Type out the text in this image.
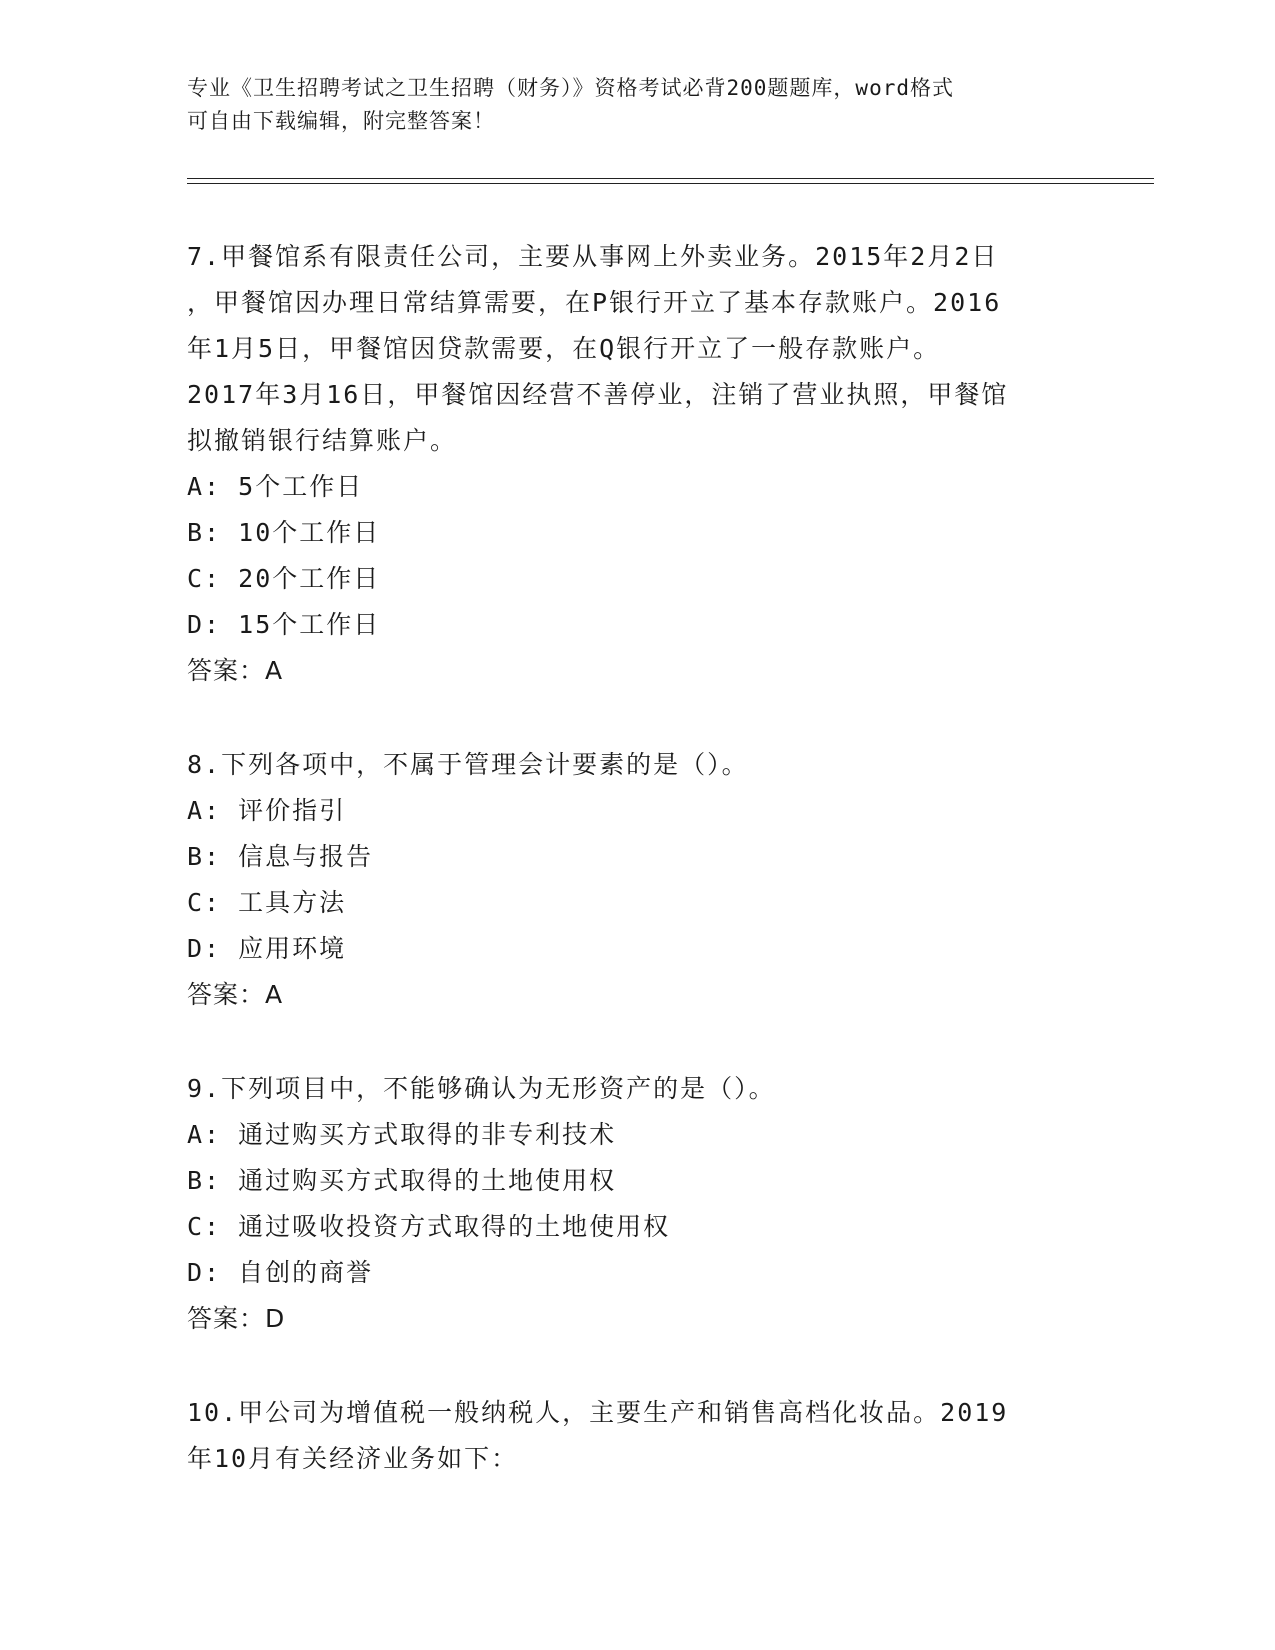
专业《卫生招聘考试之卫生招聘（财务）》资格考试必背200题题库，word格式
可自由下载编辑，附完整答案！
7.甲餐馆系有限责任公司，主要从事网上外卖业务。2015年2月2日
，甲餐馆因办理日常结算需要，在P银行开立了基本存款账户。2016
年1月5日，甲餐馆因贷款需要，在Q银行开立了一般存款账户。
2017年3月16日，甲餐馆因经营不善停业，注销了营业执照，甲餐馆
拟撤销银行结算账户。
A: 5个工作日
B: 10个工作日
C: 20个工作日
D: 15个工作日
答案：A
8.下列各项中，不属于管理会计要素的是（）。
A: 评价指引
B: 信息与报告
C: 工具方法
D: 应用环境
答案：A
9.下列项目中，不能够确认为无形资产的是（）。
A: 通过购买方式取得的非专利技术
B: 通过购买方式取得的土地使用权
C: 通过吸收投资方式取得的土地使用权
D: 自创的商誉
答案：D
10.甲公司为增值税一般纳税人，主要生产和销售高档化妆品。2019
年10月有关经济业务如下：
